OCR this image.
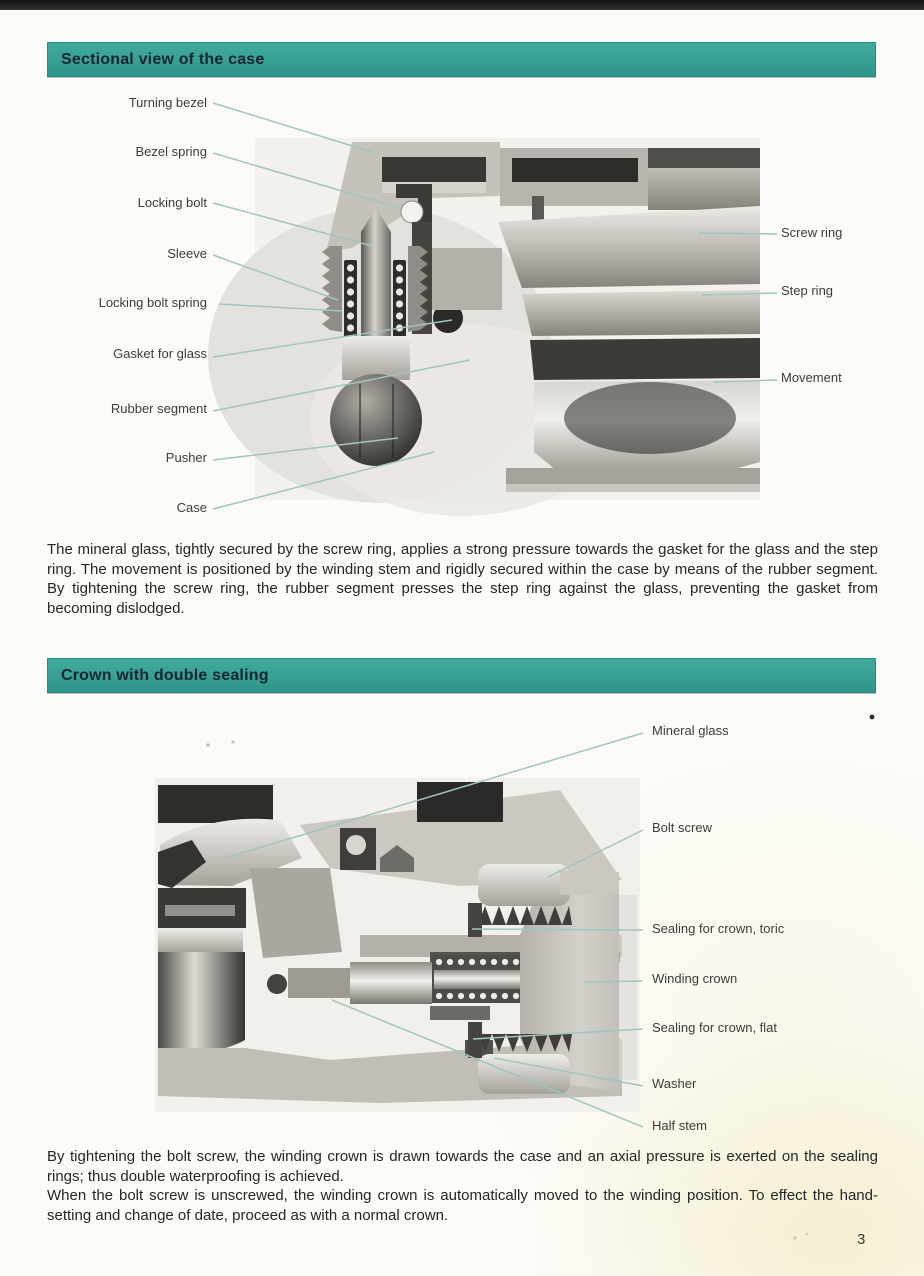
Sectional view of the case
Crown with double sealing
Turning bezel
Bezel spring
Locking bolt
Sleeve
Locking bolt spring
Gasket for glass
Rubber segment
Pusher
Case
Screw ring
Step ring
Movement

The mineral glass, tightly secured by the screw ring, applies a strong pressure towards the gasket for the glass and the step ring. The movement is positioned by the winding stem and rigidly secured within the case by means of the rubber segment. By tightening the screw ring, the rubber segment presses the step ring against the glass, preventing the gasket from becoming dislodged.

Mineral glass
Bolt screw
Sealing for crown, toric
Winding crown
Sealing for crown, flat
Washer
Half stem

By tightening the bolt screw, the winding crown is drawn towards the case and an axial pressure is exerted on the sealing rings; thus double waterproofing is achieved.

When the bolt screw is unscrewed, the winding crown is automatically moved to the winding position. To effect the hand-setting and change of date, proceed as with a normal crown.

3
